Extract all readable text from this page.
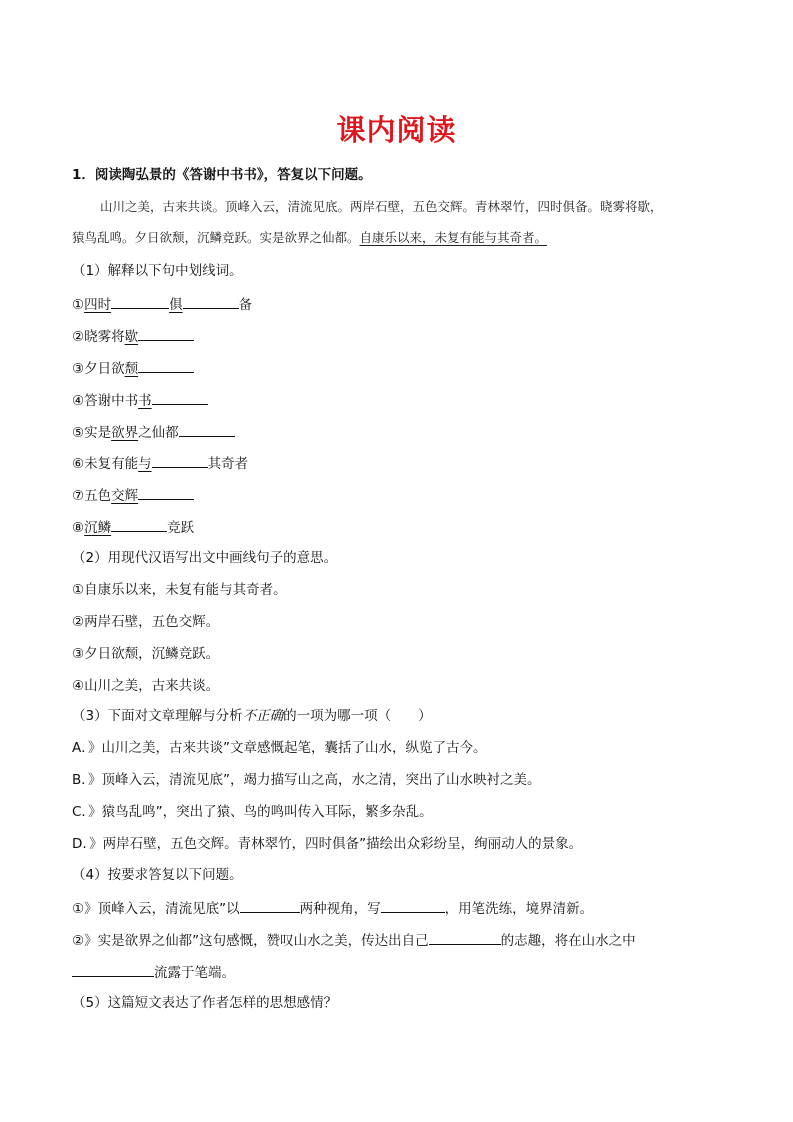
课内阅读
1．阅读陶弘景的《答谢中书书》，答复以下问题。
山川之美，古来共谈。顶峰入云，清流见底。两岸石壁，五色交辉。青林翠竹，四时俱备。晓雾将歇，
猿鸟乱鸣。夕日欲颓，沉鳞竞跃。实是欲界之仙都。自康乐以来，未复有能与其奇者。
（1）解释以下句中划线词。
①四时	俱	备
②晓雾将歇
③夕日欲颓
④答谢中书书
⑤实是欲界之仙都
⑥未复有能与	其奇者
⑦五色交辉
⑧沉鳞	竞跃
（2）用现代汉语写出文中画线句子的意思。
①自康乐以来，未复有能与其奇者。
②两岸石壁，五色交辉。
③夕日欲颓，沉鳞竞跃。
④山川之美，古来共谈。
（3）下面对文章理解与分析不正确的一项为哪一项（　　）
A．》山川之美，古来共谈”文章感慨起笔，囊括了山水，纵览了古今。
B．》顶峰入云，清流见底”，竭力描写山之高，水之清，突出了山水映衬之美。
C．》猿鸟乱鸣”，突出了猿、鸟的鸣叫传入耳际，繁多杂乱。
D．》两岸石壁，五色交辉。青林翠竹，四时俱备”描绘出众彩纷呈，绚丽动人的景象。
（4）按要求答复以下问题。
①》顶峰入云，清流见底”以	两种视角，写	，用笔洗练，境界清新。
②》实是欲界之仙都”这句感慨，赞叹山水之美，传达出自己	的志趣，将在山水之中
流露于笔端。
（5）这篇短文表达了作者怎样的思想感情？
